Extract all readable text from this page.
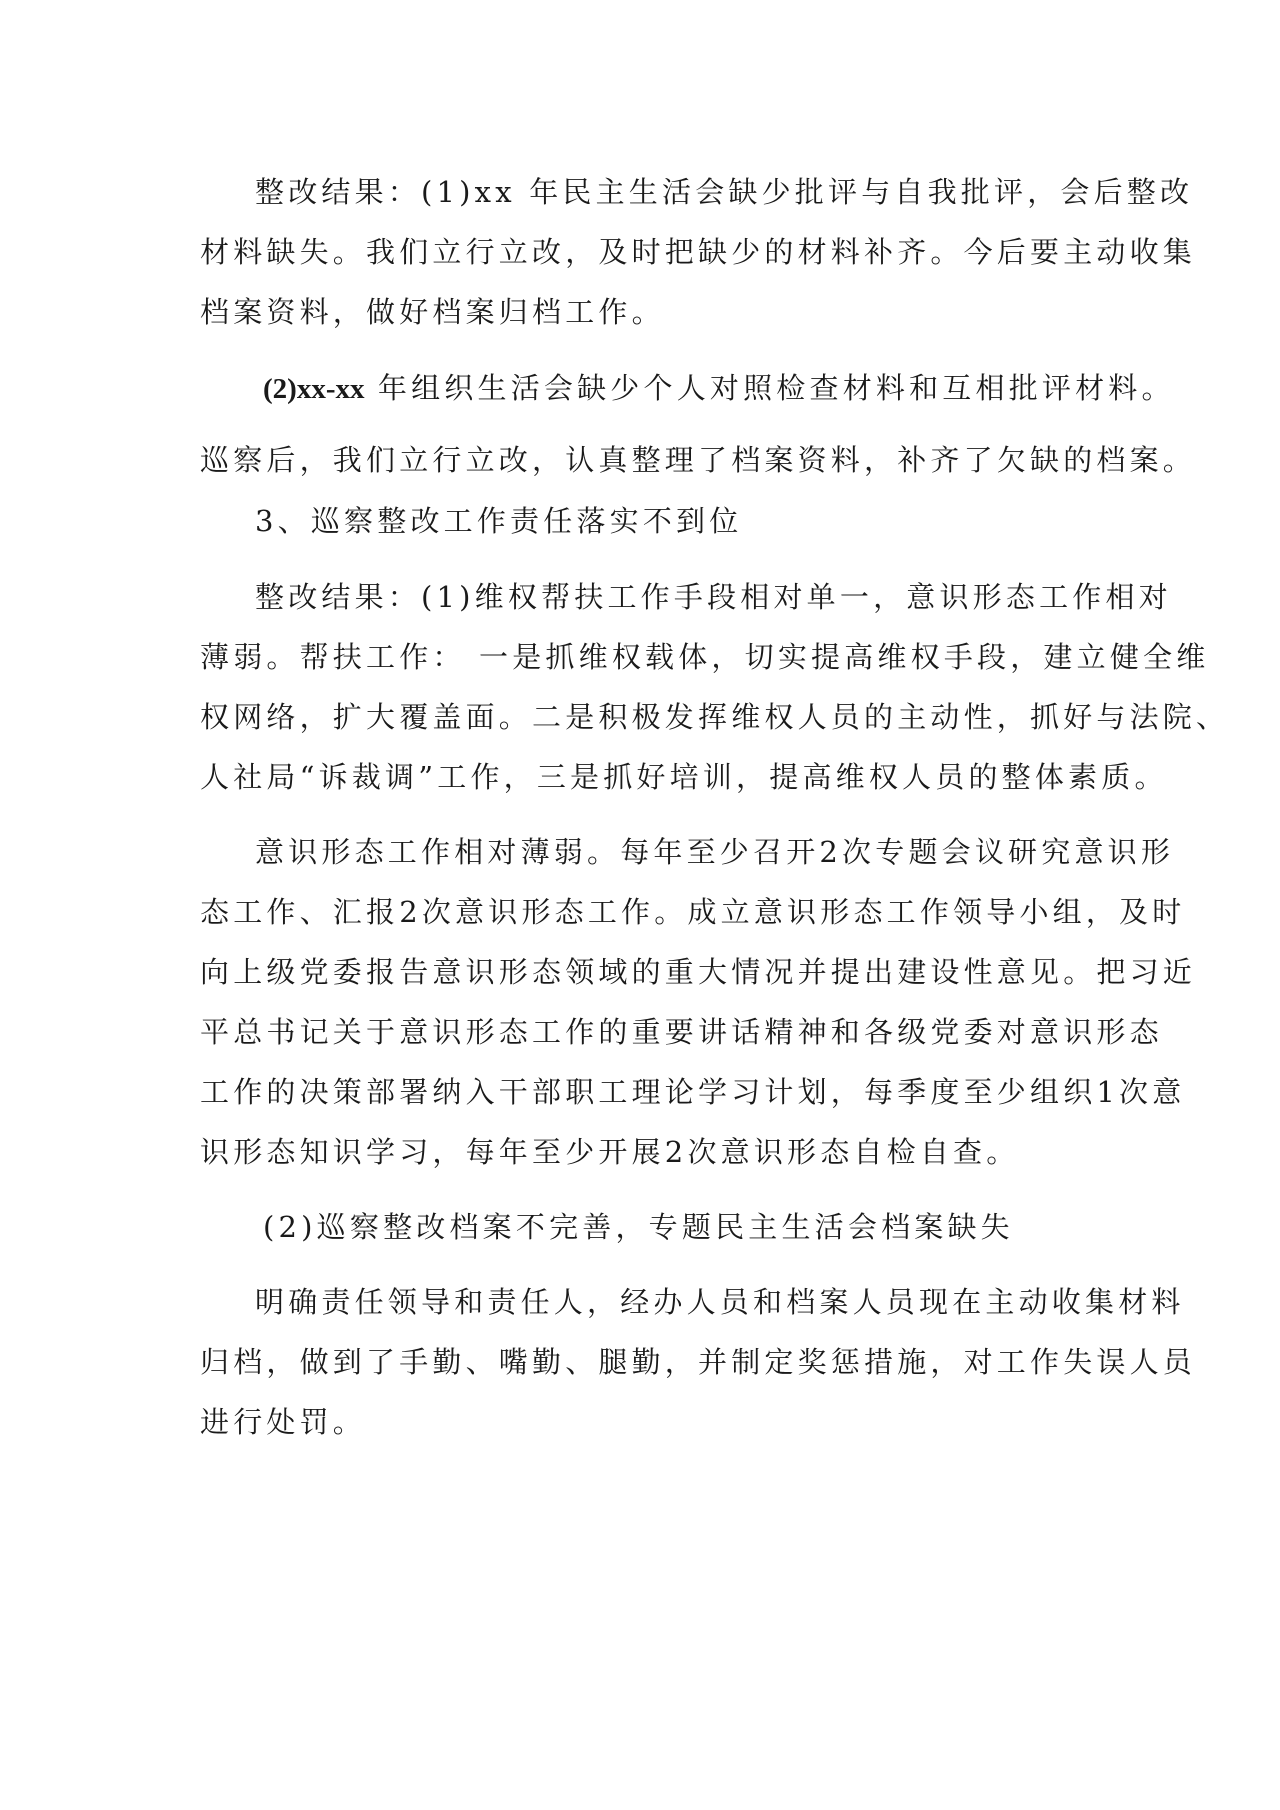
整改结果：(1)xx 年民主生活会缺少批评与自我批评，会后整改
材料缺失。我们立行立改，及时把缺少的材料补齐。今后要主动收集
档案资料，做好档案归档工作。
(2)xx-xx 年组织生活会缺少个人对照检查材料和互相批评材料。
巡察后，我们立行立改，认真整理了档案资料，补齐了欠缺的档案。
3、巡察整改工作责任落实不到位
整改结果：(1)维权帮扶工作手段相对单一，意识形态工作相对
薄弱。帮扶工作： 一是抓维权载体，切实提高维权手段，建立健全维
权网络，扩大覆盖面。二是积极发挥维权人员的主动性，抓好与法院、
人社局“诉裁调”工作，三是抓好培训，提高维权人员的整体素质。
意识形态工作相对薄弱。每年至少召开2次专题会议研究意识形
态工作、汇报2次意识形态工作。成立意识形态工作领导小组，及时
向上级党委报告意识形态领域的重大情况并提出建设性意见。把习近
平总书记关于意识形态工作的重要讲话精神和各级党委对意识形态
工作的决策部署纳入干部职工理论学习计划，每季度至少组织1次意
识形态知识学习，每年至少开展2次意识形态自检自查。
(2)巡察整改档案不完善，专题民主生活会档案缺失
明确责任领导和责任人，经办人员和档案人员现在主动收集材料
归档，做到了手勤、嘴勤、腿勤，并制定奖惩措施，对工作失误人员
进行处罚。
